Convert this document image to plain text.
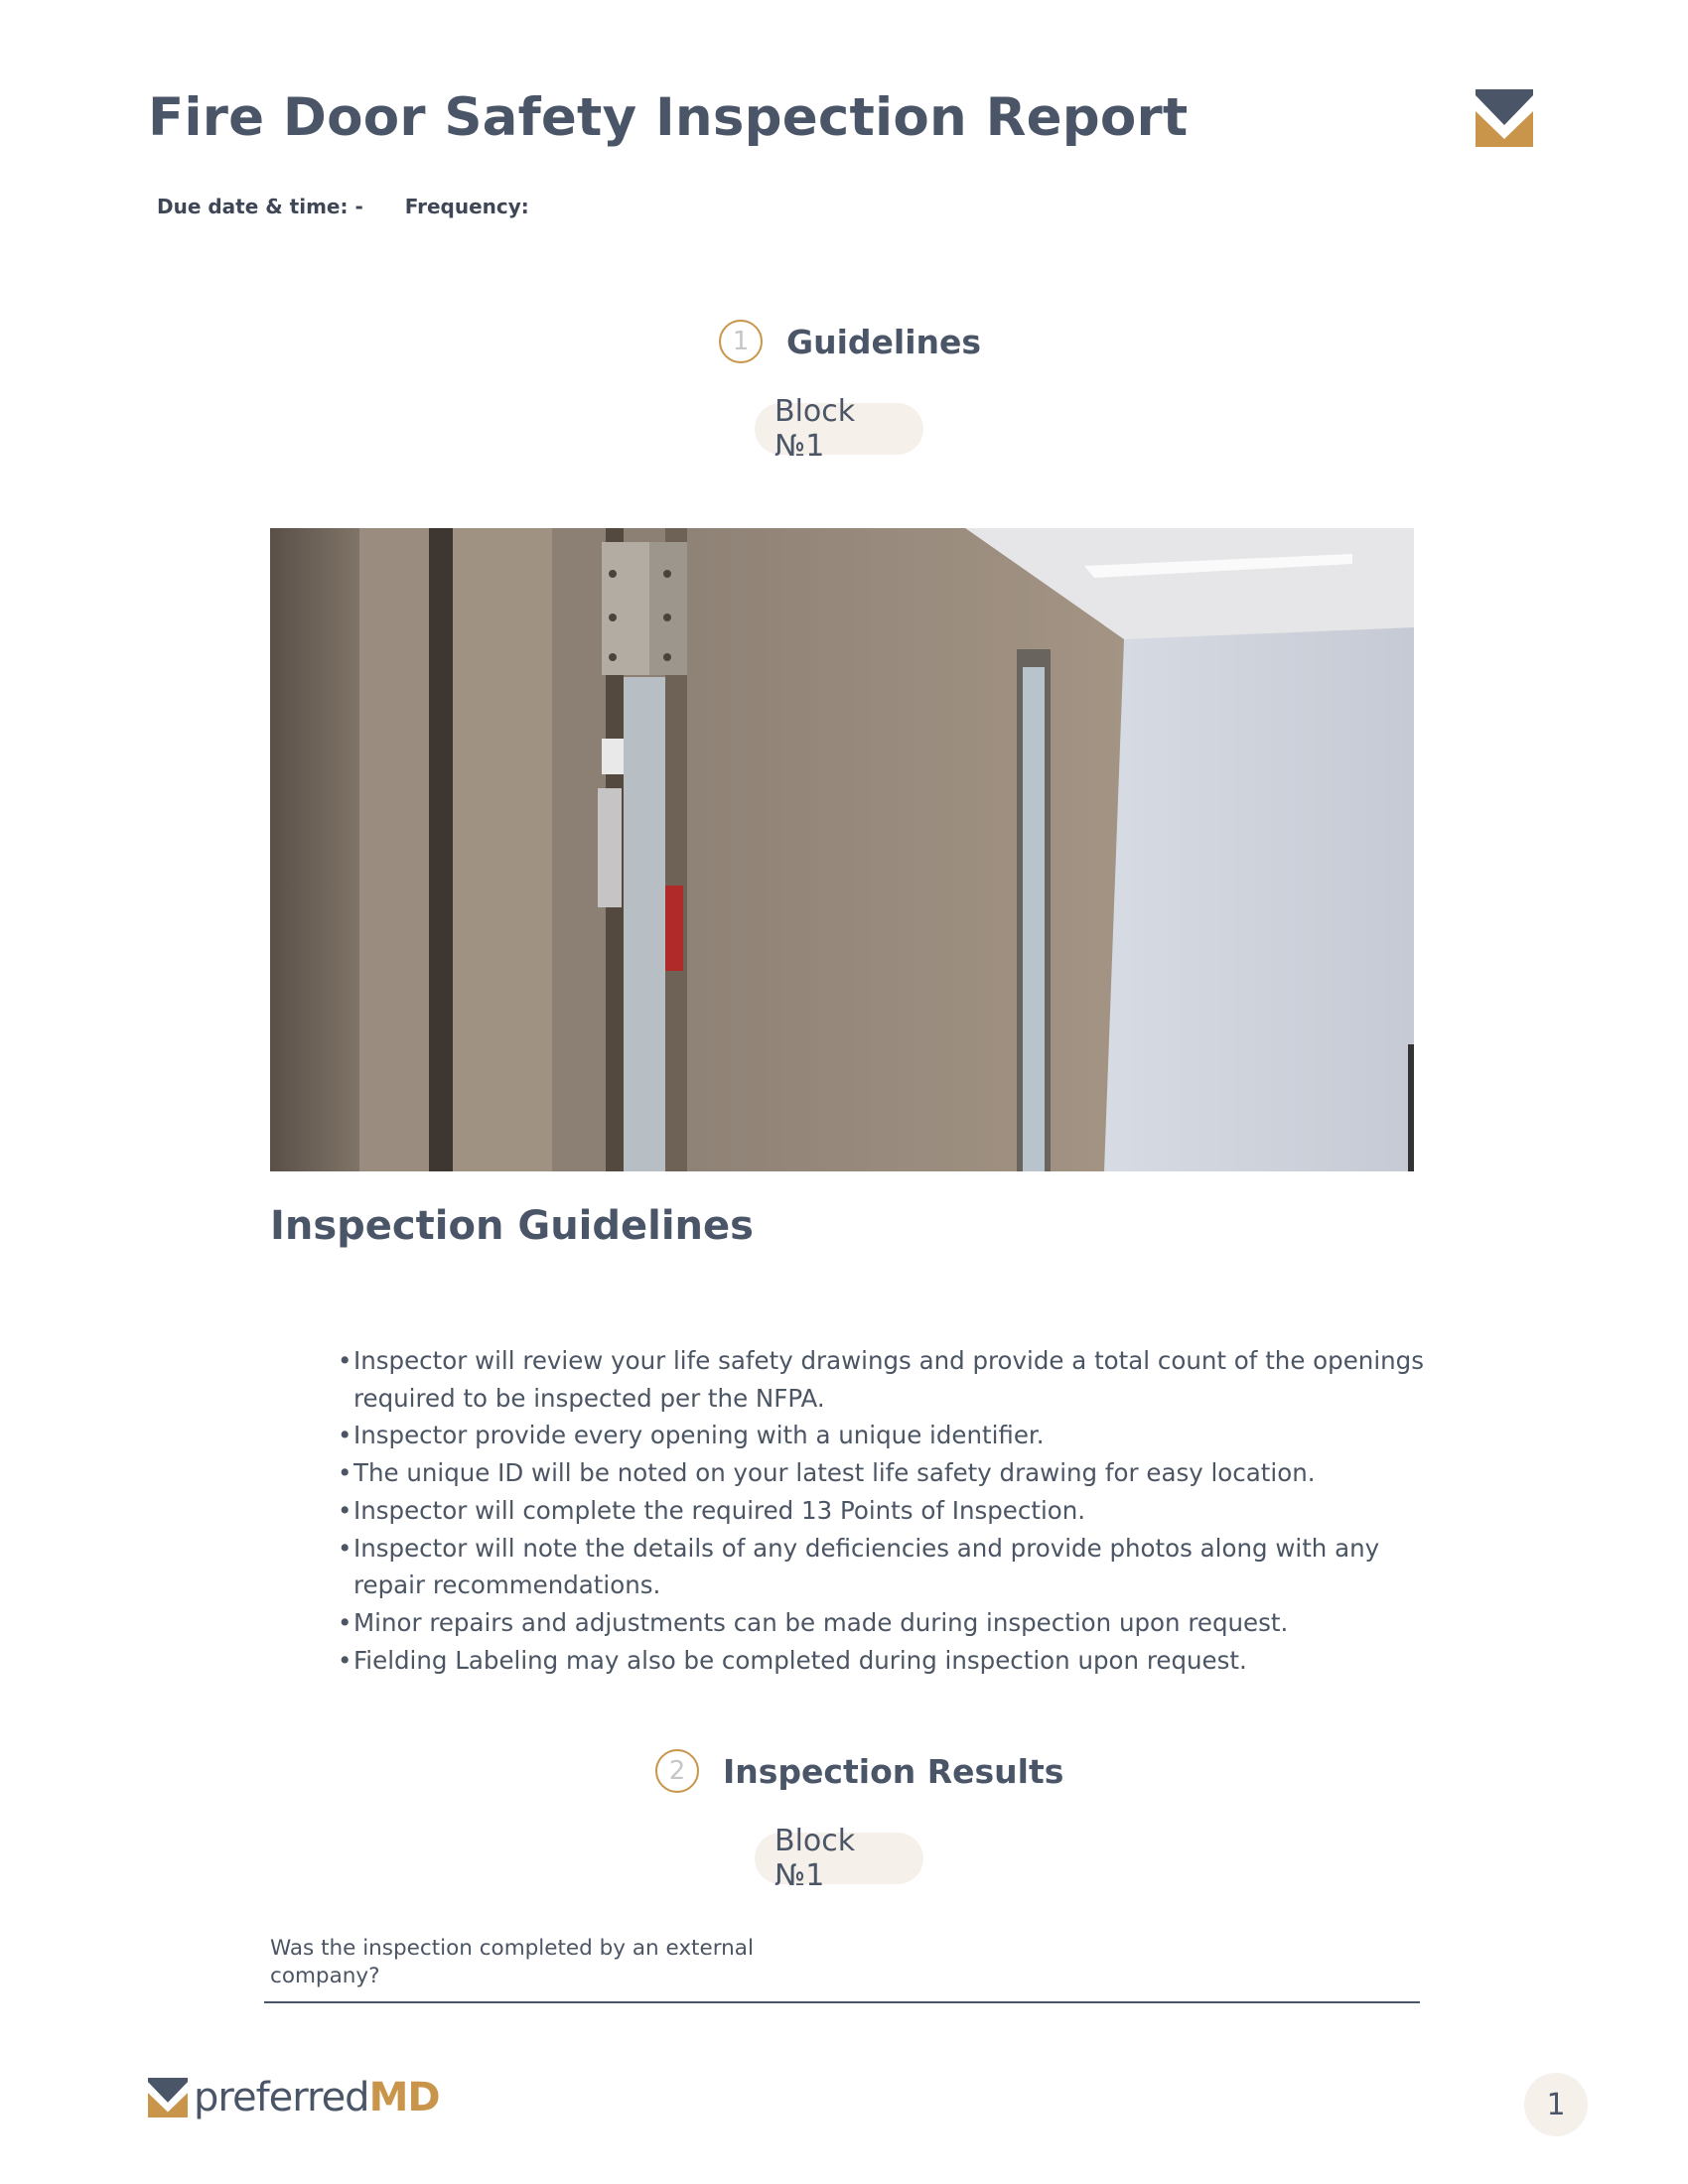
Fire Door Safety Inspection Report
Due date & time: - Frequency:
1	Guidelines
Block №1
Inspection Guidelines
• Inspector will review your life safety drawings and provide a total count of the openings required to be inspected per the NFPA.
• Inspector provide every opening with a unique identifier.
• The unique ID will be noted on your latest life safety drawing for easy location.
• Inspector will complete the required 13 Points of Inspection.
• Inspector will note the details of any deficiencies and provide photos along with any repair recommendations.
• Minor repairs and adjustments can be made during inspection upon request.
• Fielding Labeling may also be completed during inspection upon request.
2	Inspection Results
Block №1
Was the inspection completed by an external company?
preferredMD	1
